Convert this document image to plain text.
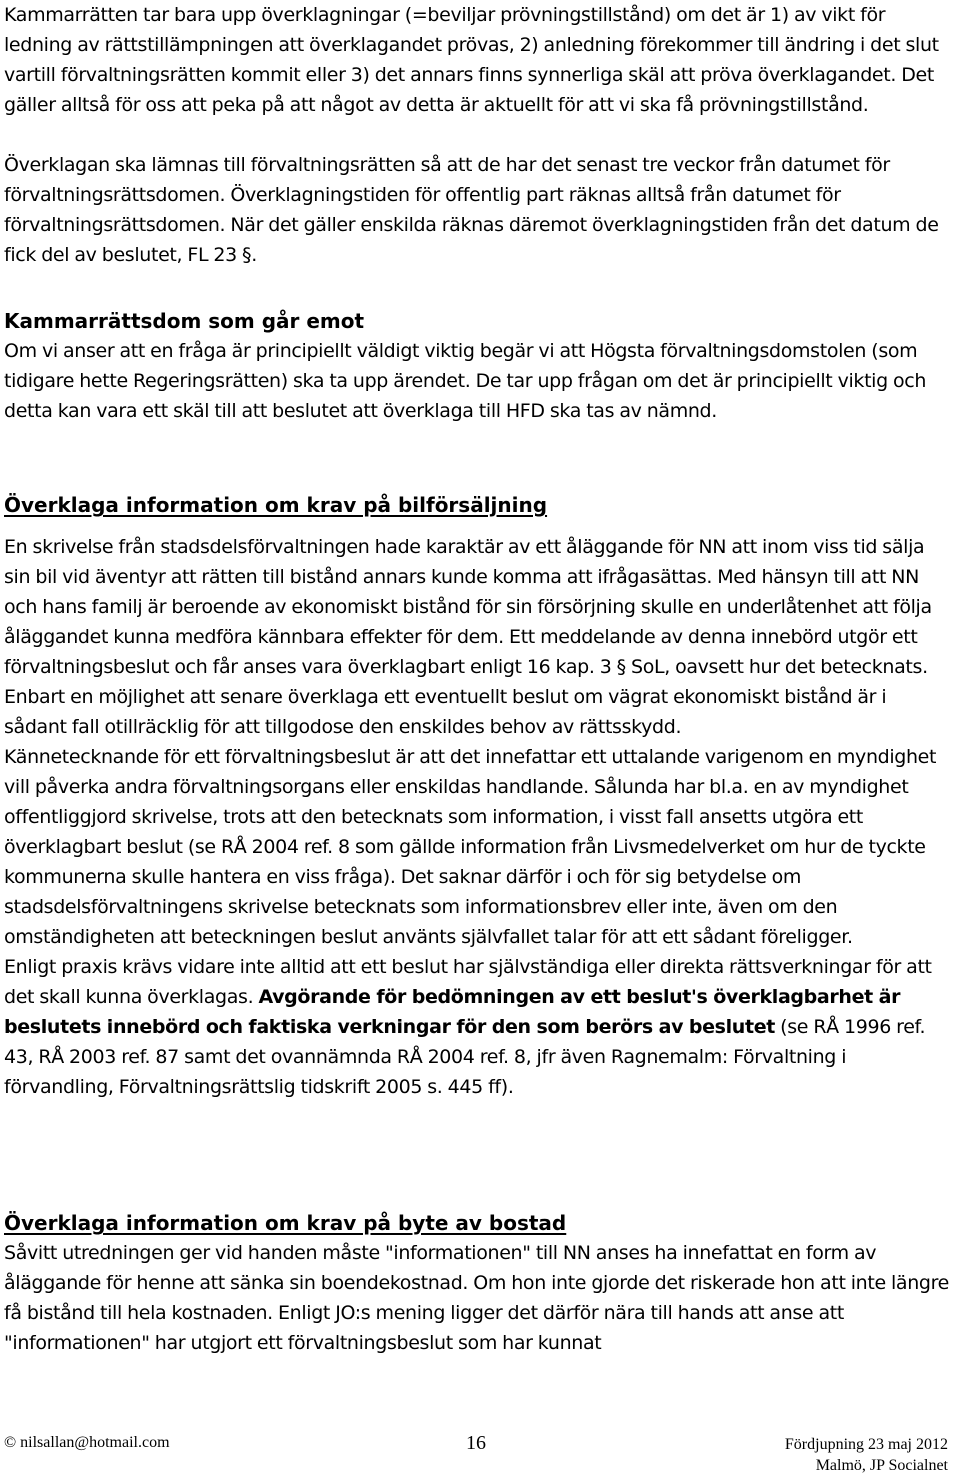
Kammarrätten tar bara upp överklagningar (=beviljar prövningstillstånd) om det är 1) av vikt för ledning av rättstillämpningen att överklagandet prövas, 2) anledning förekommer till ändring i det slut vartill förvaltningsrätten kommit eller 3) det annars finns synnerliga skäl att pröva överklagandet. Det gäller alltså för oss att peka på att något av detta är aktuellt för att vi ska få prövningstillstånd.

Överklagan ska lämnas till förvaltningsrätten så att de har det senast tre veckor från datumet för förvaltningsrättsdomen. Överklagningstiden för offentlig part räknas alltså från datumet för förvaltningsrättsdomen. När det gäller enskilda räknas däremot överklagningstiden från det datum de fick del av beslutet, FL 23 §.

Kammarrättsdom som går emot

Om vi anser att en fråga är principiellt väldigt viktig begär vi att Högsta förvaltningsdomstolen (som tidigare hette Regeringsrätten) ska ta upp ärendet. De tar upp frågan om det är principiellt viktig och detta kan vara ett skäl till att beslutet att överklaga till HFD ska tas av nämnd.

Överklaga information om krav på bilförsäljning

En skrivelse från stadsdelsförvaltningen hade karaktär av ett åläggande för NN att inom viss tid sälja sin bil vid äventyr att rätten till bistånd annars kunde komma att ifrågasättas. Med hänsyn till att NN och hans familj är beroende av ekonomiskt bistånd för sin försörjning skulle en underlåtenhet att följa åläggandet kunna medföra kännbara effekter för dem. Ett meddelande av denna innebörd utgör ett förvaltningsbeslut och får anses vara överklagbart enligt 16 kap. 3 § SoL, oavsett hur det betecknats. Enbart en möjlighet att senare överklaga ett eventuellt beslut om vägrat ekonomiskt bistånd är i sådant fall otillräcklig för att tillgodose den enskildes behov av rättsskydd.

Kännetecknande för ett förvaltningsbeslut är att det innefattar ett uttalande varigenom en myndighet vill påverka andra förvaltningsorgans eller enskildas handlande. Sålunda har bl.a. en av myndighet offentliggjord skrivelse, trots att den betecknats som information, i visst fall ansetts utgöra ett överklagbart beslut (se RÅ 2004 ref. 8 som gällde information från Livsmedelverket om hur de tyckte kommunerna skulle hantera en viss fråga). Det saknar därför i och för sig betydelse om stadsdelsförvaltningens skrivelse betecknats som informationsbrev eller inte, även om den omständigheten att beteckningen beslut använts självfallet talar för att ett sådant föreligger.

Enligt praxis krävs vidare inte alltid att ett beslut har självständiga eller direkta rättsverkningar för att det skall kunna överklagas. Avgörande för bedömningen av ett beslut's överklagbarhet är beslutets innebörd och faktiska verkningar för den som berörs av beslutet (se RÅ 1996 ref. 43, RÅ 2003 ref. 87 samt det ovannämnda RÅ 2004 ref. 8, jfr även Ragnemalm: Förvaltning i förvandling, Förvaltningsrättslig tidskrift 2005 s. 445 ff).

Överklaga information om krav på byte av bostad

Såvitt utredningen ger vid handen måste "informationen" till NN anses ha innefattat en form av åläggande för henne att sänka sin boendekostnad. Om hon inte gjorde det riskerade hon att inte längre få bistånd till hela kostnaden. Enligt JO:s mening ligger det därför nära till hands att anse att "informationen" har utgjort ett förvaltningsbeslut som har kunnat

© nilsallan@hotmail.com	16	Fördjupning 23 maj 2012
Malmö, JP Socialnet
